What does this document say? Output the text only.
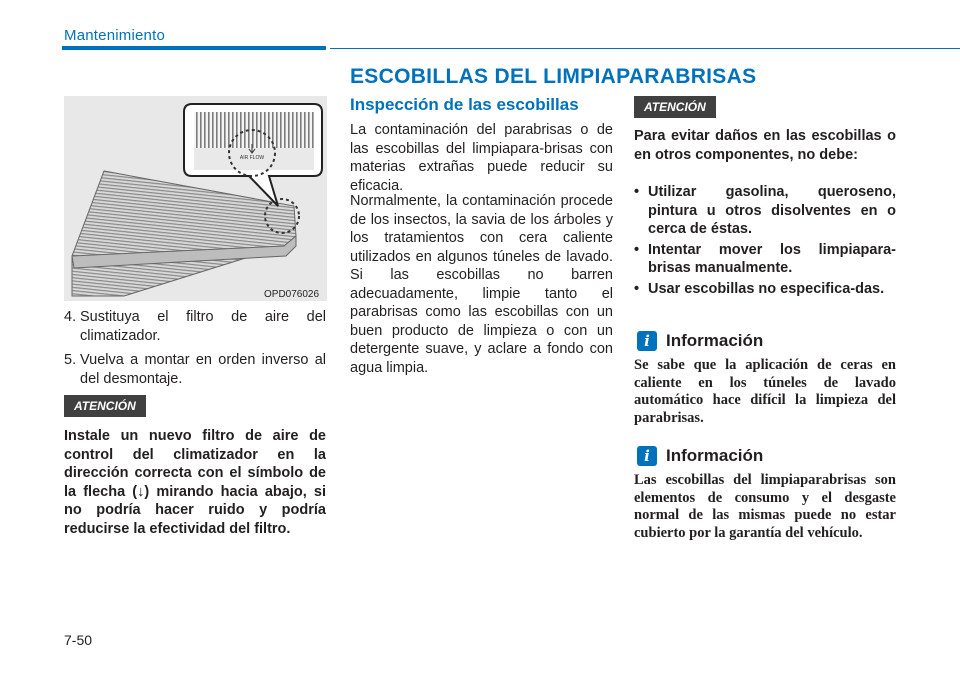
Mantenimiento
ESCOBILLAS DEL LIMPIAPARABRISAS
AIR FLOW
OPD076026
4. Sustituya el filtro de aire del climatizador.
5. Vuelva a montar en orden inverso al del desmontaje.
ATENCIÓN

Instale un nuevo filtro de aire de control del climatizador en la dirección correcta con el símbolo de la flecha (↓) mirando hacia abajo, si no podría hacer ruido y podría reducirse la efectividad del filtro.

Inspección de las escobillas

La contaminación del parabrisas o de las escobillas del limpiapara-brisas con materias extrañas puede reducir su eficacia.

Normalmente, la contaminación procede de los insectos, la savia de los árboles y los tratamientos con cera caliente utilizados en algunos túneles de lavado. Si las escobillas no barren adecuadamente, limpie tanto el parabrisas como las escobillas con un buen producto de limpieza o con un detergente suave, y aclare a fondo con agua limpia.

ATENCIÓN

Para evitar daños en las escobillas o en otros componentes, no debe:

• Utilizar gasolina, queroseno, pintura u otros disolventes en o cerca de éstas.
• Intentar mover los limpiapara-brisas manualmente.
• Usar escobillas no especifica-das.
i Información

Se sabe que la aplicación de ceras en caliente en los túneles de lavado automático hace difícil la limpieza del parabrisas.

i Información

Las escobillas del limpiaparabrisas son elementos de consumo y el desgaste normal de las mismas puede no estar cubierto por la garantía del vehículo.

7-50
